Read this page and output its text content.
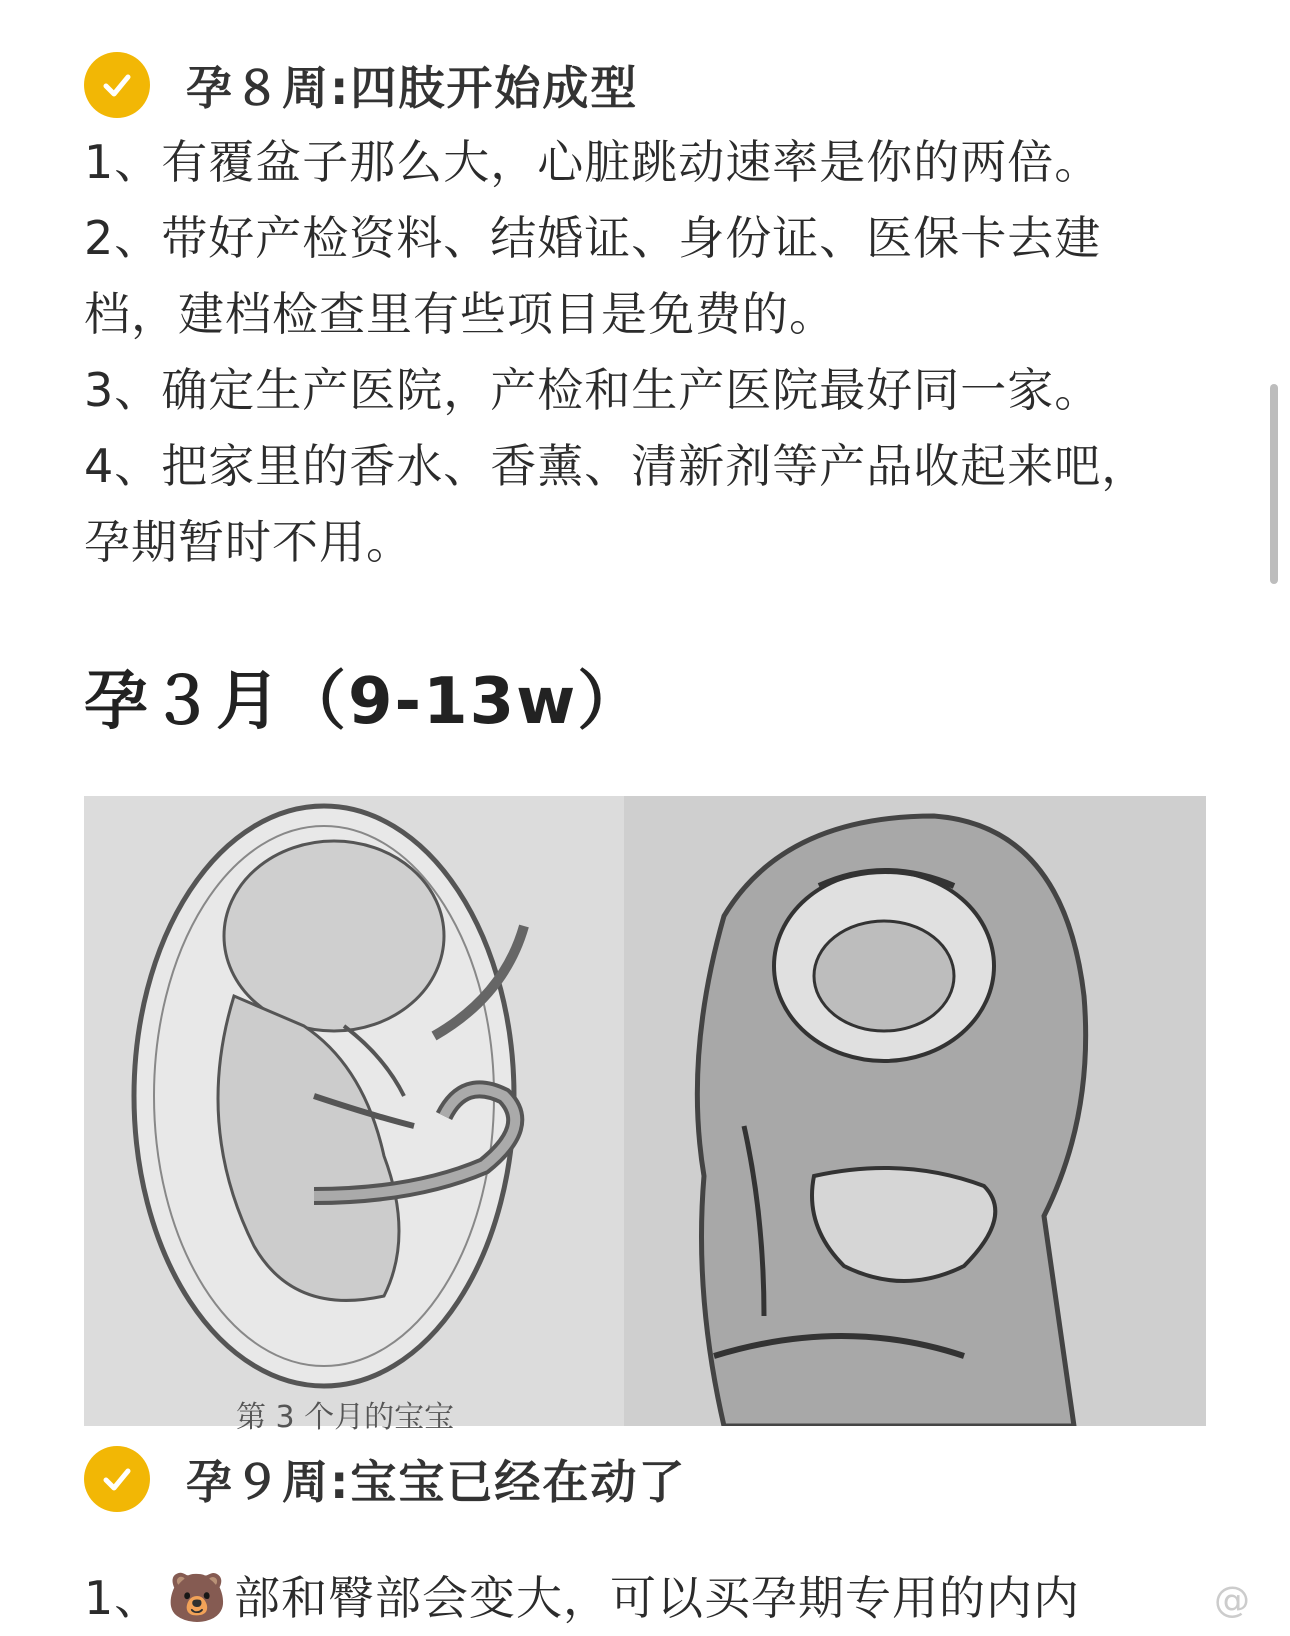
孕８周:四肢开始成型

1、有覆盆子那么大，心脏跳动速率是你的两倍。

2、带好产检资料、结婚证、身份证、医保卡去建档，建档检查里有些项目是免费的。

3、确定生产医院，产检和生产医院最好同一家。

4、把家里的香水、香薰、清新剂等产品收起来吧，孕期暂时不用。

孕３月（9-13w）
第 3 个月的宝宝
孕９周:宝宝已经在动了
1、 🐻 部和臀部会变大，可以买孕期专用的内内	@
